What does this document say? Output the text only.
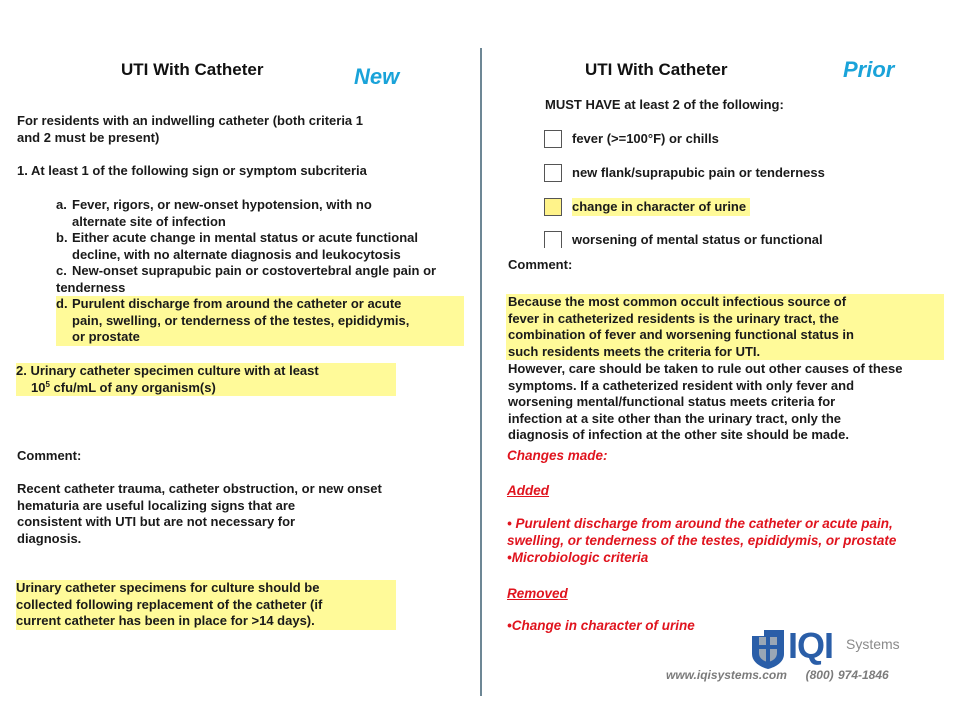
UTI With Catheter	New
For residents with an indwelling catheter (both criteria 1
and 2 must be present)
1. At least 1 of the following sign or symptom subcriteria
a. Fever, rigors, or new-onset hypotension, with no
alternate site of infection
b. Either acute change in mental status or acute functional
decline, with no alternate diagnosis and leukocytosis
c. New-onset suprapubic pain or costovertebral angle pain or
tenderness
d. Purulent discharge from around the catheter or acute
pain, swelling, or tenderness of the testes, epididymis,
or prostate
2. Urinary catheter specimen culture with at least
$10^5$ cfu/mL of any organism(s)
Comment:
Recent catheter trauma, catheter obstruction, or new onset
hematuria are useful localizing signs that are
consistent with UTI but are not necessary for
diagnosis.
Urinary catheter specimens for culture should be
collected following replacement of the catheter (if
current catheter has been in place for >14 days).
UTI With Catheter	Prior
MUST HAVE at least 2 of the following:
fever (>=100°F) or chills
new flank/suprapubic pain or tenderness
change in character of urine
worsening of mental status or functional
Comment:
Because the most common occult infectious source of
fever in catheterized residents is the urinary tract, the
combination of fever and worsening functional status in
such residents meets the criteria for UTI.
However, care should be taken to rule out other causes of these
symptoms. If a catheterized resident with only fever and
worsening mental/functional status meets criteria for
infection at a site other than the urinary tract, only the
diagnosis of infection at the other site should be made.
Changes made:
Added
• Purulent discharge from around the catheter or acute pain,
swelling, or tenderness of the testes, epididymis, or prostate
•Microbiologic criteria
Removed
•Change in character of urine	IQI Systems
www.iqisystems.com (800) 974-1846
